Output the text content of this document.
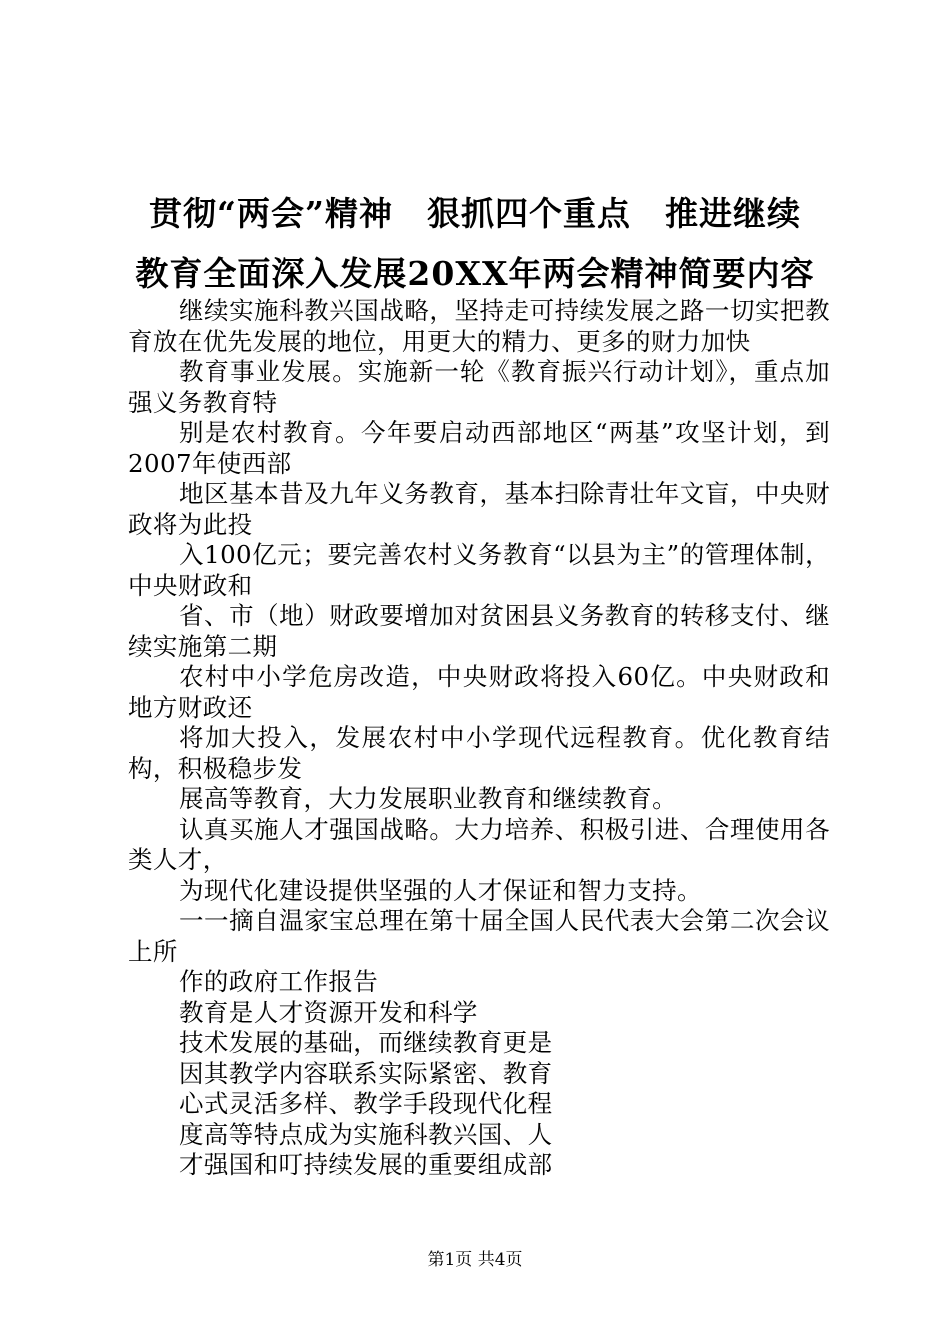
贯彻“两会”精神　狠抓四个重点　推进继续
教育全面深入发展20XX年两会精神简要内容

继续实施科教兴国战略，坚持走可持续发展之路一切实把教育放在优先发展的地位，用更大的精力、更多的财力加快

教育事业发展。实施新一轮《教育振兴行动计划》，重点加强义务教育特

别是农村教育。今年要启动西部地区“两基”攻坚计划，到2007年使西部

地区基本昔及九年义务教育，基本扫除青壮年文盲，中央财政将为此投

入100亿元；要完善农村义务教育“以县为主”的管理体制，中央财政和

省、市（地）财政要增加对贫困县义务教育的转移支付、继续实施第二期

农村中小学危房改造，中央财政将投入60亿。中央财政和地方财政还

将加大投入，发展农村中小学现代远程教育。优化教育结构，积极稳步发

展高等教育，大力发展职业教育和继续教育。

认真买施人才强国战略。大力培养、积极引进、合理使用各类人才，

为现代化建设提供坚强的人才保证和智力支持。

一一摘自温家宝总理在第十届全国人民代表大会第二次会议上所

作的政府工作报告

教育是人才资源开发和科学

技术发展的基础，而继续教育更是

因其教学内容联系实际紧密、教育

心式灵活多样、教学手段现代化程

度高等特点成为实施科教兴国、人

才强国和叮持续发展的重要组成部

第1页 共4页
